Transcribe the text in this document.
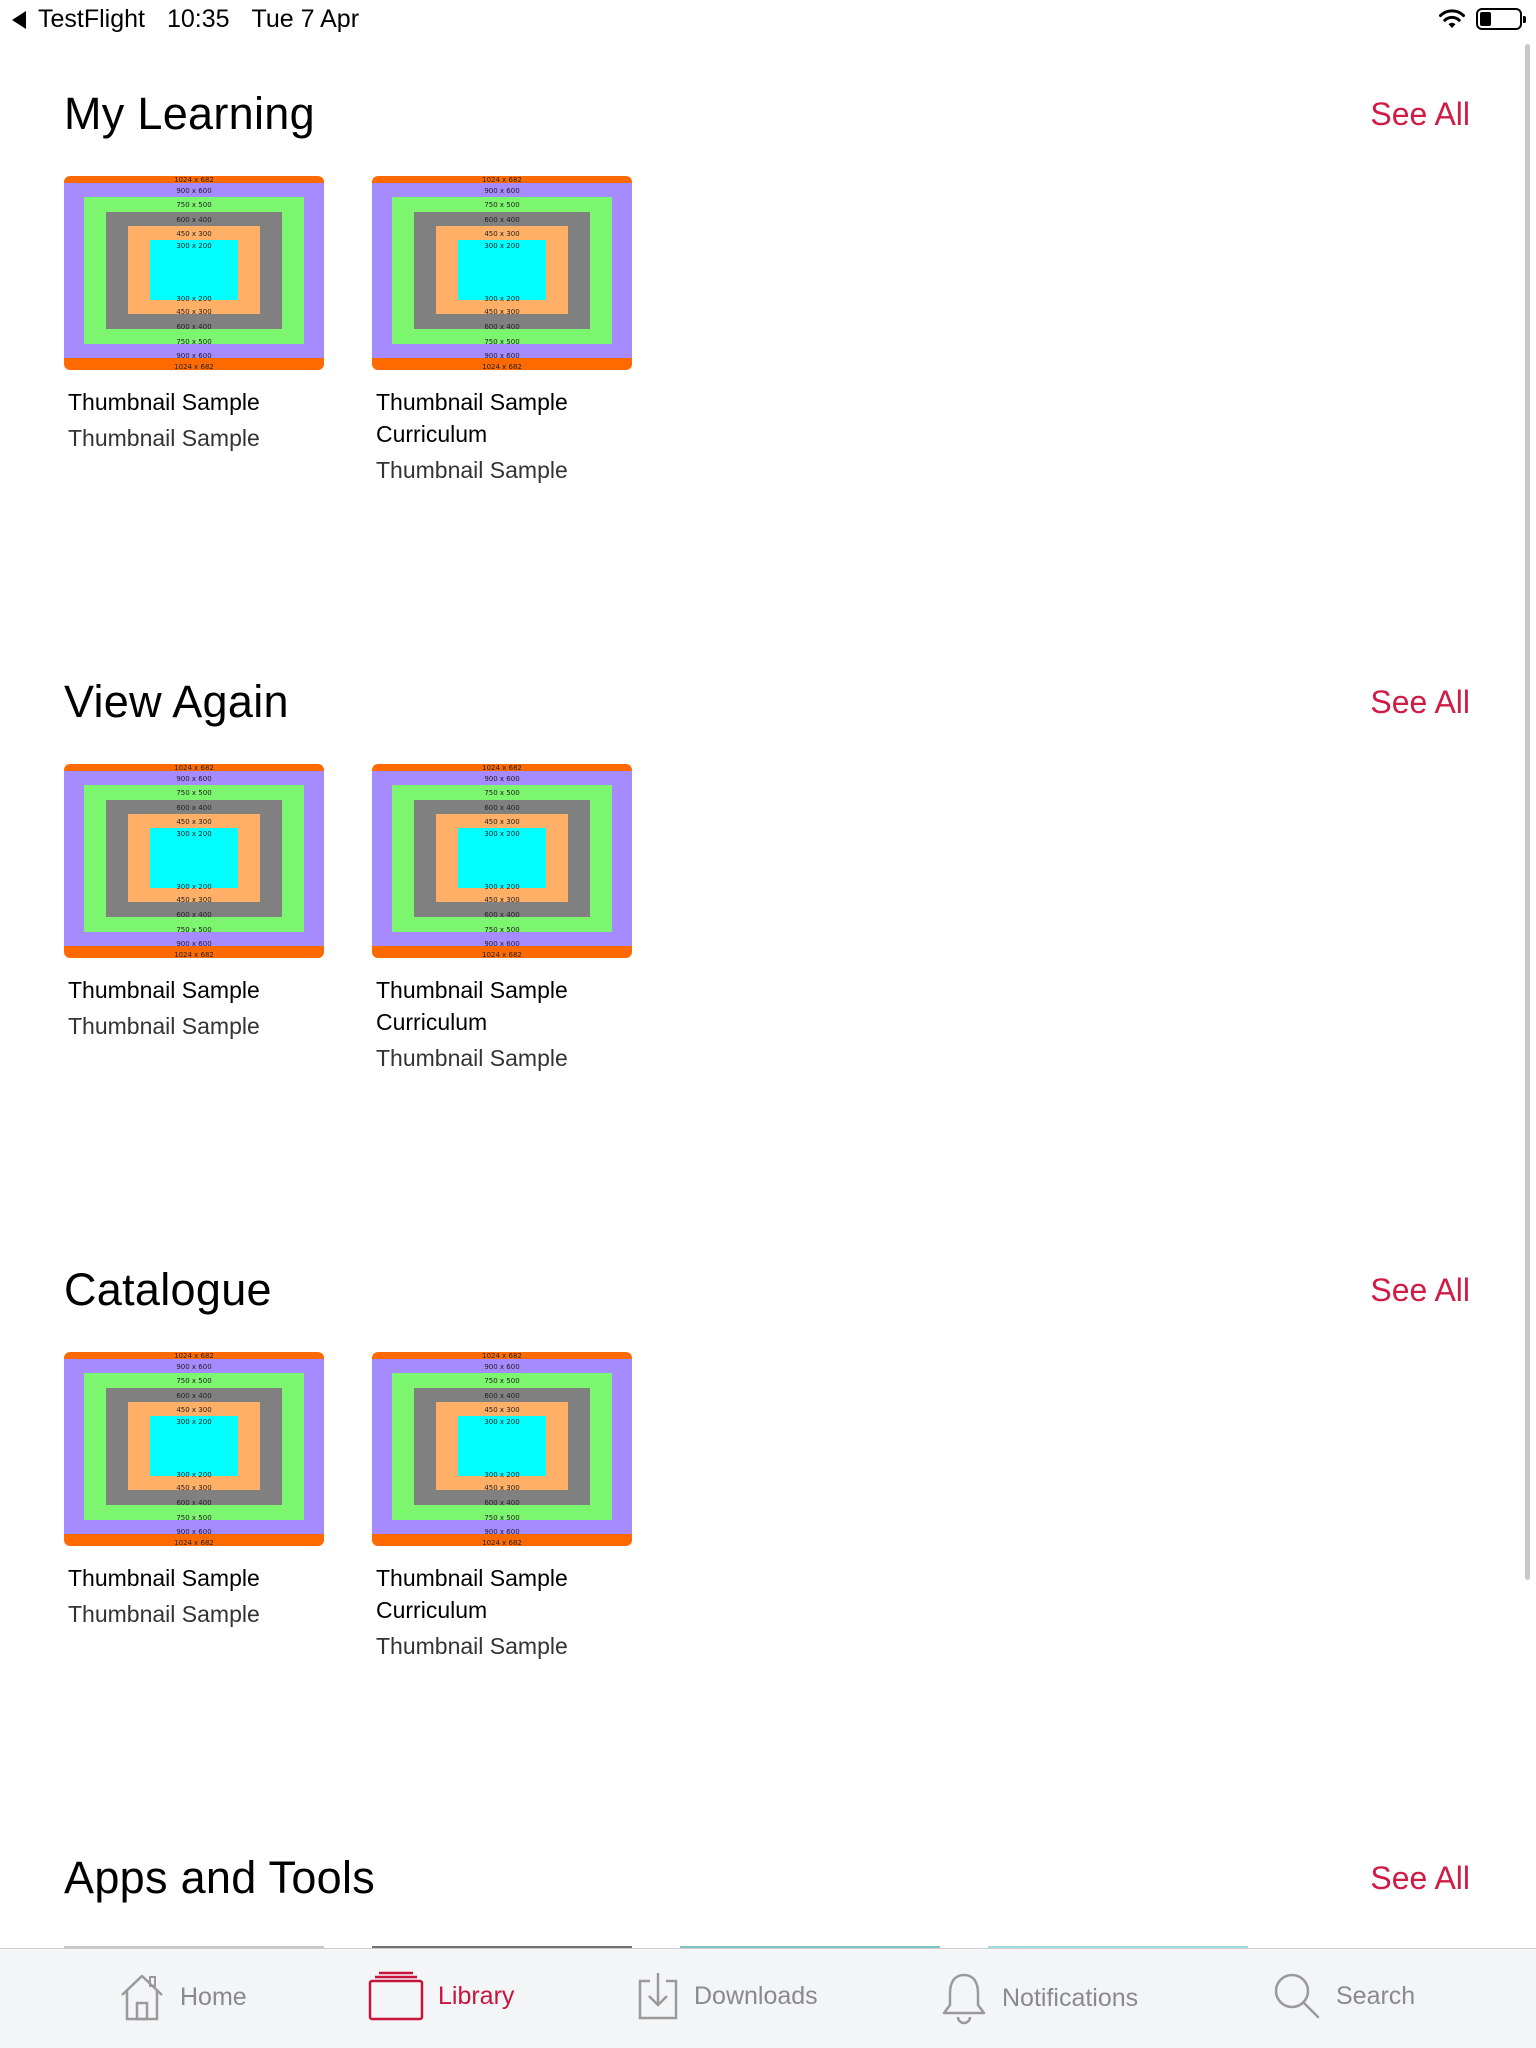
TestFlight 10:35 Tue 7 Apr
My Learning	See All
1024 x 682
1024 x 682
900 x 600
900 x 600
750 x 500
750 x 500
600 x 400
600 x 400
450 x 300
450 x 300
300 x 200
300 x 200
Thumbnail Sample
Thumbnail Sample
1024 x 682
1024 x 682
900 x 600
900 x 600
750 x 500
750 x 500
600 x 400
600 x 400
450 x 300
450 x 300
300 x 200
300 x 200
Thumbnail Sample Curriculum
Thumbnail Sample
View Again	See All
1024 x 682
1024 x 682
900 x 600
900 x 600
750 x 500
750 x 500
600 x 400
600 x 400
450 x 300
450 x 300
300 x 200
300 x 200
Thumbnail Sample
Thumbnail Sample
1024 x 682
1024 x 682
900 x 600
900 x 600
750 x 500
750 x 500
600 x 400
600 x 400
450 x 300
450 x 300
300 x 200
300 x 200
Thumbnail Sample Curriculum
Thumbnail Sample
Catalogue	See All
1024 x 682
1024 x 682
900 x 600
900 x 600
750 x 500
750 x 500
600 x 400
600 x 400
450 x 300
450 x 300
300 x 200
300 x 200
Thumbnail Sample
Thumbnail Sample
1024 x 682
1024 x 682
900 x 600
900 x 600
750 x 500
750 x 500
600 x 400
600 x 400
450 x 300
450 x 300
300 x 200
300 x 200
Thumbnail Sample Curriculum
Thumbnail Sample
Apps and Tools	See All
Home	Library	Downloads	Notifications	Search
